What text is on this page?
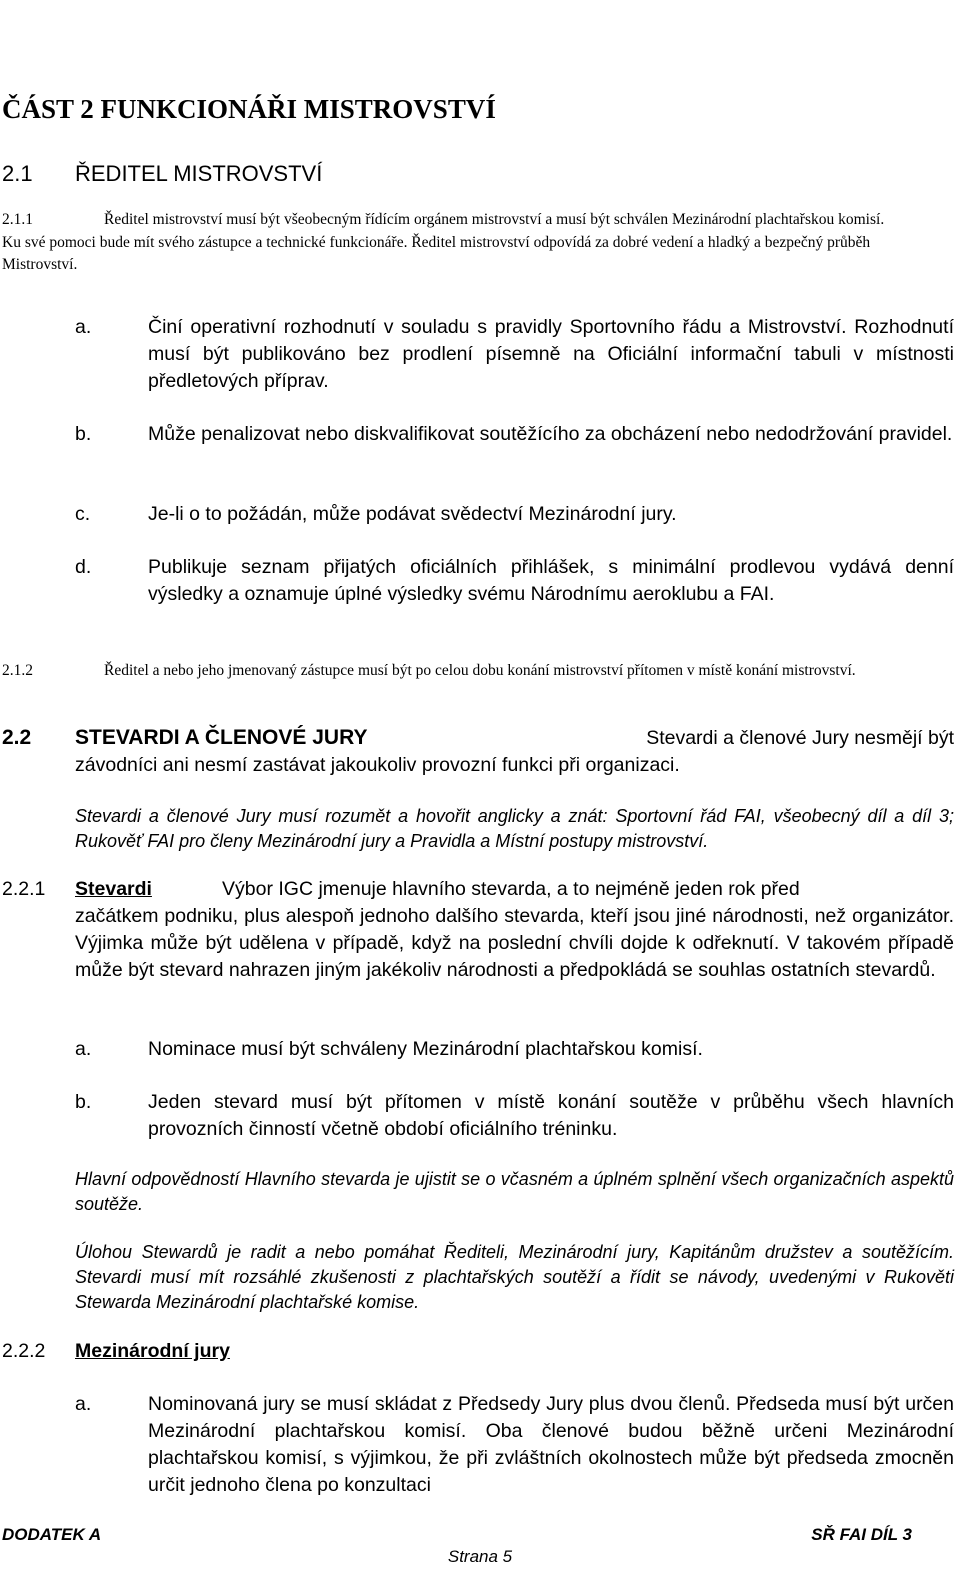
ČÁST 2 FUNKCIONÁŘI MISTROVSTVÍ
2.1 ŘEDITEL MISTROVSTVÍ
2.1.1	Ředitel mistrovství musí být všeobecným řídícím orgánem mistrovství a musí být schválen Mezinárodní plachtařskou komisí.
Ku své pomoci bude mít svého zástupce a technické funkcionáře. Ředitel mistrovství odpovídá za dobré vedení a hladký a bezpečný průběh Mistrovství.
a.	Činí operativní rozhodnutí v souladu s pravidly Sportovního řádu a Mistrovství. Rozhodnutí musí být publikováno bez prodlení písemně na Oficiální informační tabuli v místnosti předletových příprav.
b.	Může penalizovat nebo diskvalifikovat soutěžícího za obcházení nebo nedodržování pravidel.
c.	Je-li o to požádán, může podávat svědectví Mezinárodní jury.
d.	Publikuje seznam přijatých oficiálních přihlášek, s minimální prodlevou vydává denní výsledky a oznamuje úplné výsledky svému Národnímu aeroklubu a FAI.
2.1.2	Ředitel a nebo jeho jmenovaný zástupce musí být po celou dobu konání mistrovství přítomen v místě konání mistrovství.
2.2 STEVARDI A ČLENOVÉ JURY	Stevardi a členové Jury nesmějí být
závodníci ani nesmí zastávat jakoukoliv provozní funkci při organizaci.
Stevardi a členové Jury musí rozumět a hovořit anglicky a znát: Sportovní řád FAI, všeobecný díl a díl 3; Rukověť FAI pro členy Mezinárodní jury a Pravidla a Místní postupy mistrovství.
2.2.1 Stevardi	Výbor IGC jmenuje hlavního stevarda, a to nejméně jeden rok před
začátkem podniku, plus alespoň jednoho dalšího stevarda, kteří jsou jiné národnosti, než organizátor. Výjimka může být udělena v případě, když na poslední chvíli dojde k odřeknutí. V takovém případě může být stevard nahrazen jiným jakékoliv národnosti a předpokládá se souhlas ostatních stevardů.
a.	Nominace musí být schváleny Mezinárodní plachtařskou komisí.
b.	Jeden stevard musí být přítomen v místě konání soutěže v průběhu všech hlavních provozních činností včetně období oficiálního tréninku.
Hlavní odpovědností Hlavního stevarda je ujistit se o včasném a úplném splnění všech organizačních aspektů soutěže.
Úlohou Stewardů je radit a nebo pomáhat Řediteli, Mezinárodní jury, Kapitánům družstev a soutěžícím. Stevardi musí mít rozsáhlé zkušenosti z plachtařských soutěží a řídit se návody, uvedenými v Rukověti Stewarda Mezinárodní plachtařské komise.
2.2.2 Mezinárodní jury
a.	Nominovaná jury se musí skládat z Předsedy Jury plus dvou členů. Předseda musí být určen Mezinárodní plachtařskou komisí. Oba členové budou běžně určeni Mezinárodní plachtařskou komisí, s výjimkou, že při zvláštních okolnostech může být předseda zmocněn určit jednoho člena po konzultaci
DODATEK A	SŘ FAI DÍL 3
Strana 5
